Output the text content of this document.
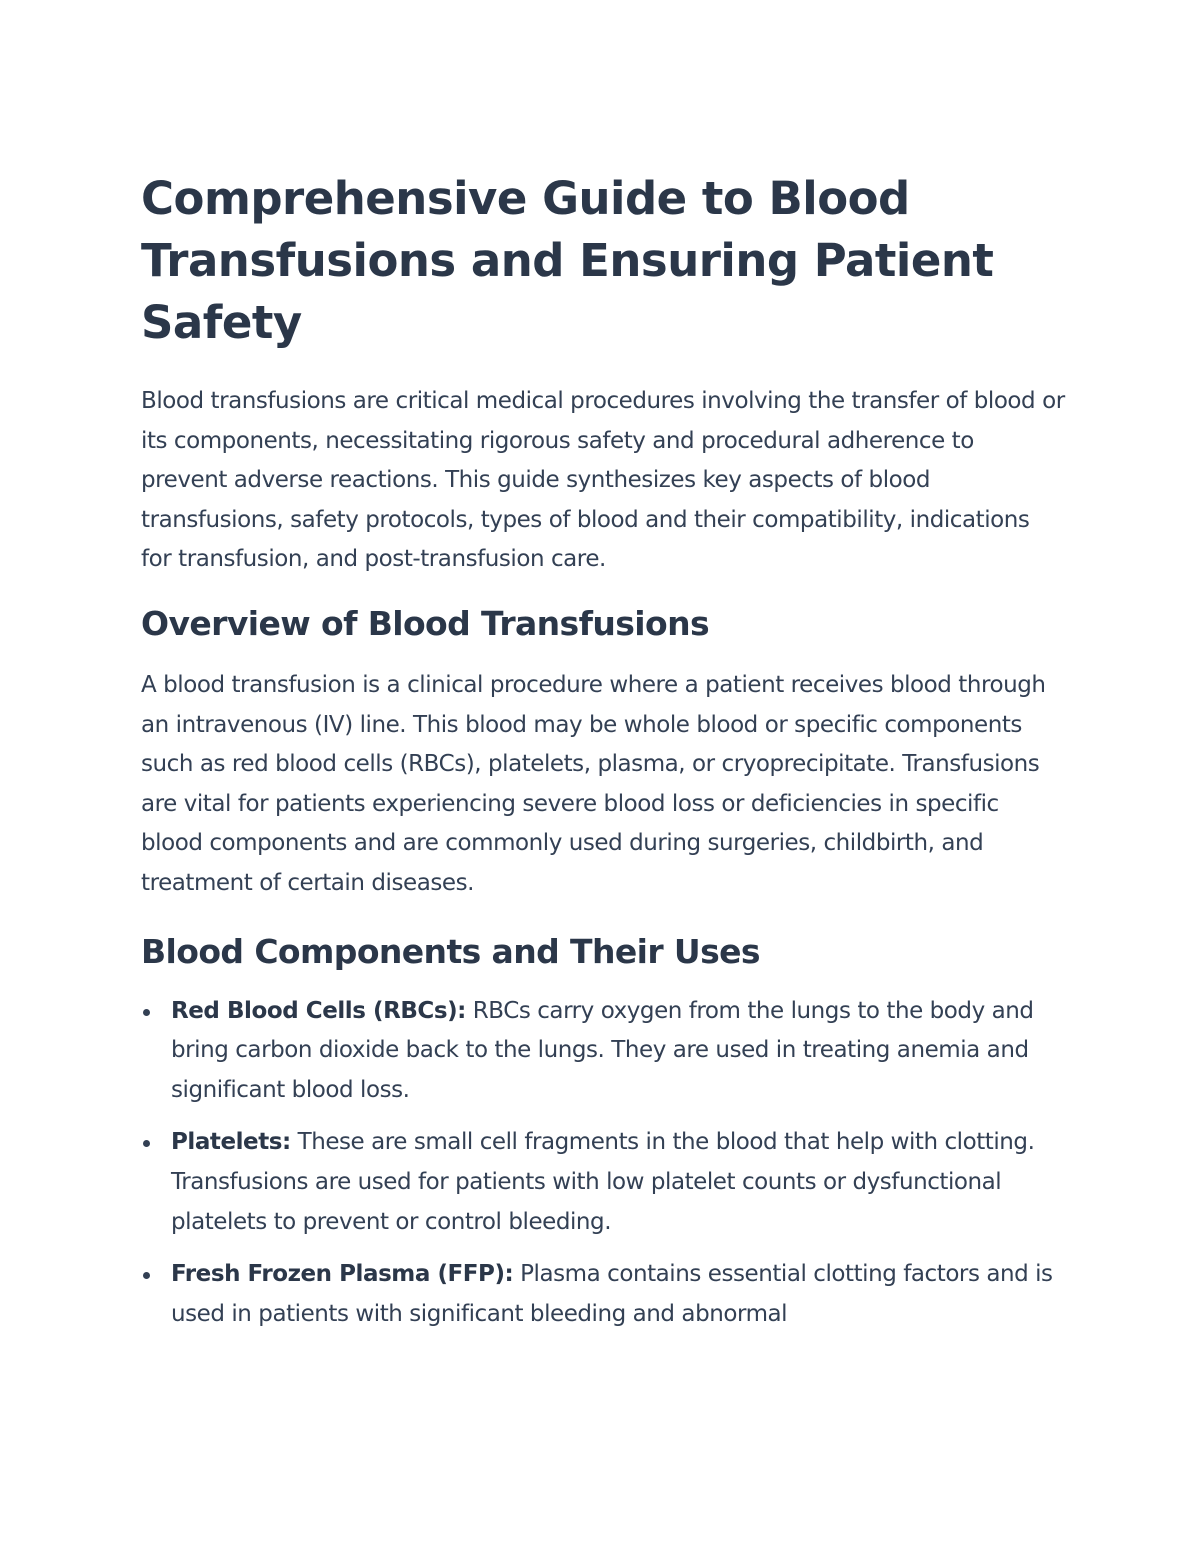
Comprehensive Guide to Blood Transfusions and Ensuring Patient Safety

Blood transfusions are critical medical procedures involving the transfer of blood or its components, necessitating rigorous safety and procedural adherence to prevent adverse reactions. This guide synthesizes key aspects of blood transfusions, safety protocols, types of blood and their compatibility, indications for transfusion, and post-transfusion care.

Overview of Blood Transfusions

A blood transfusion is a clinical procedure where a patient receives blood through an intravenous (IV) line. This blood may be whole blood or specific components such as red blood cells (RBCs), platelets, plasma, or cryoprecipitate. Transfusions are vital for patients experiencing severe blood loss or deficiencies in specific blood components and are commonly used during surgeries, childbirth, and treatment of certain diseases.

Blood Components and Their Uses
Red Blood Cells (RBCs): RBCs carry oxygen from the lungs to the body and bring carbon dioxide back to the lungs. They are used in treating anemia and significant blood loss.
Platelets: These are small cell fragments in the blood that help with clotting. Transfusions are used for patients with low platelet counts or dysfunctional platelets to prevent or control bleeding.
Fresh Frozen Plasma (FFP): Plasma contains essential clotting factors and is used in patients with significant bleeding and abnormal
